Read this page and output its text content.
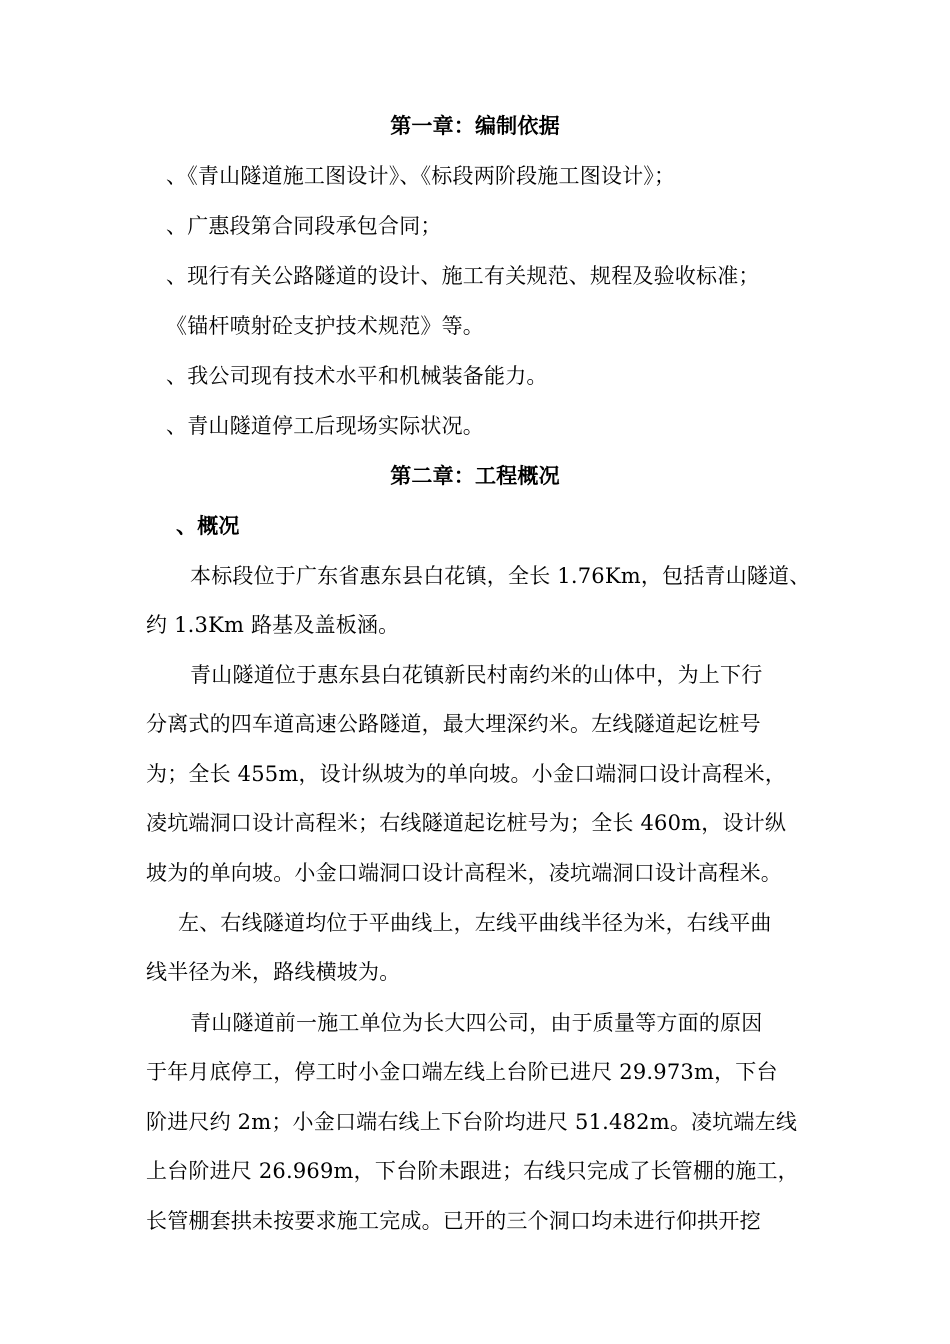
第一章：编制依据
、《青山隧道施工图设计》、《标段两阶段施工图设计》；
、广惠段第合同段承包合同；
、现行有关公路隧道的设计、施工有关规范、规程及验收标准；
《锚杆喷射砼支护技术规范》等。
、我公司现有技术水平和机械装备能力。
、青山隧道停工后现场实际状况。
第二章：工程概况
、概况
本标段位于广东省惠东县白花镇，全长 1.76Km，包括青山隧道、
约 1.3Km 路基及盖板涵。
青山隧道位于惠东县白花镇新民村南约米的山体中，为上下行
分离式的四车道高速公路隧道，最大埋深约米。左线隧道起讫桩号
为；全长 455m，设计纵坡为的单向坡。小金口端洞口设计高程米，
凌坑端洞口设计高程米；右线隧道起讫桩号为；全长 460m，设计纵
坡为的单向坡。小金口端洞口设计高程米，凌坑端洞口设计高程米。
左、右线隧道均位于平曲线上，左线平曲线半径为米，右线平曲
线半径为米，路线横坡为。
青山隧道前一施工单位为长大四公司，由于质量等方面的原因
于年月底停工，停工时小金口端左线上台阶已进尺 29.973m，下台
阶进尺约 2m；小金口端右线上下台阶均进尺 51.482m。凌坑端左线
上台阶进尺 26.969m，下台阶未跟进；右线只完成了长管棚的施工，
长管棚套拱未按要求施工完成。已开的三个洞口均未进行仰拱开挖
